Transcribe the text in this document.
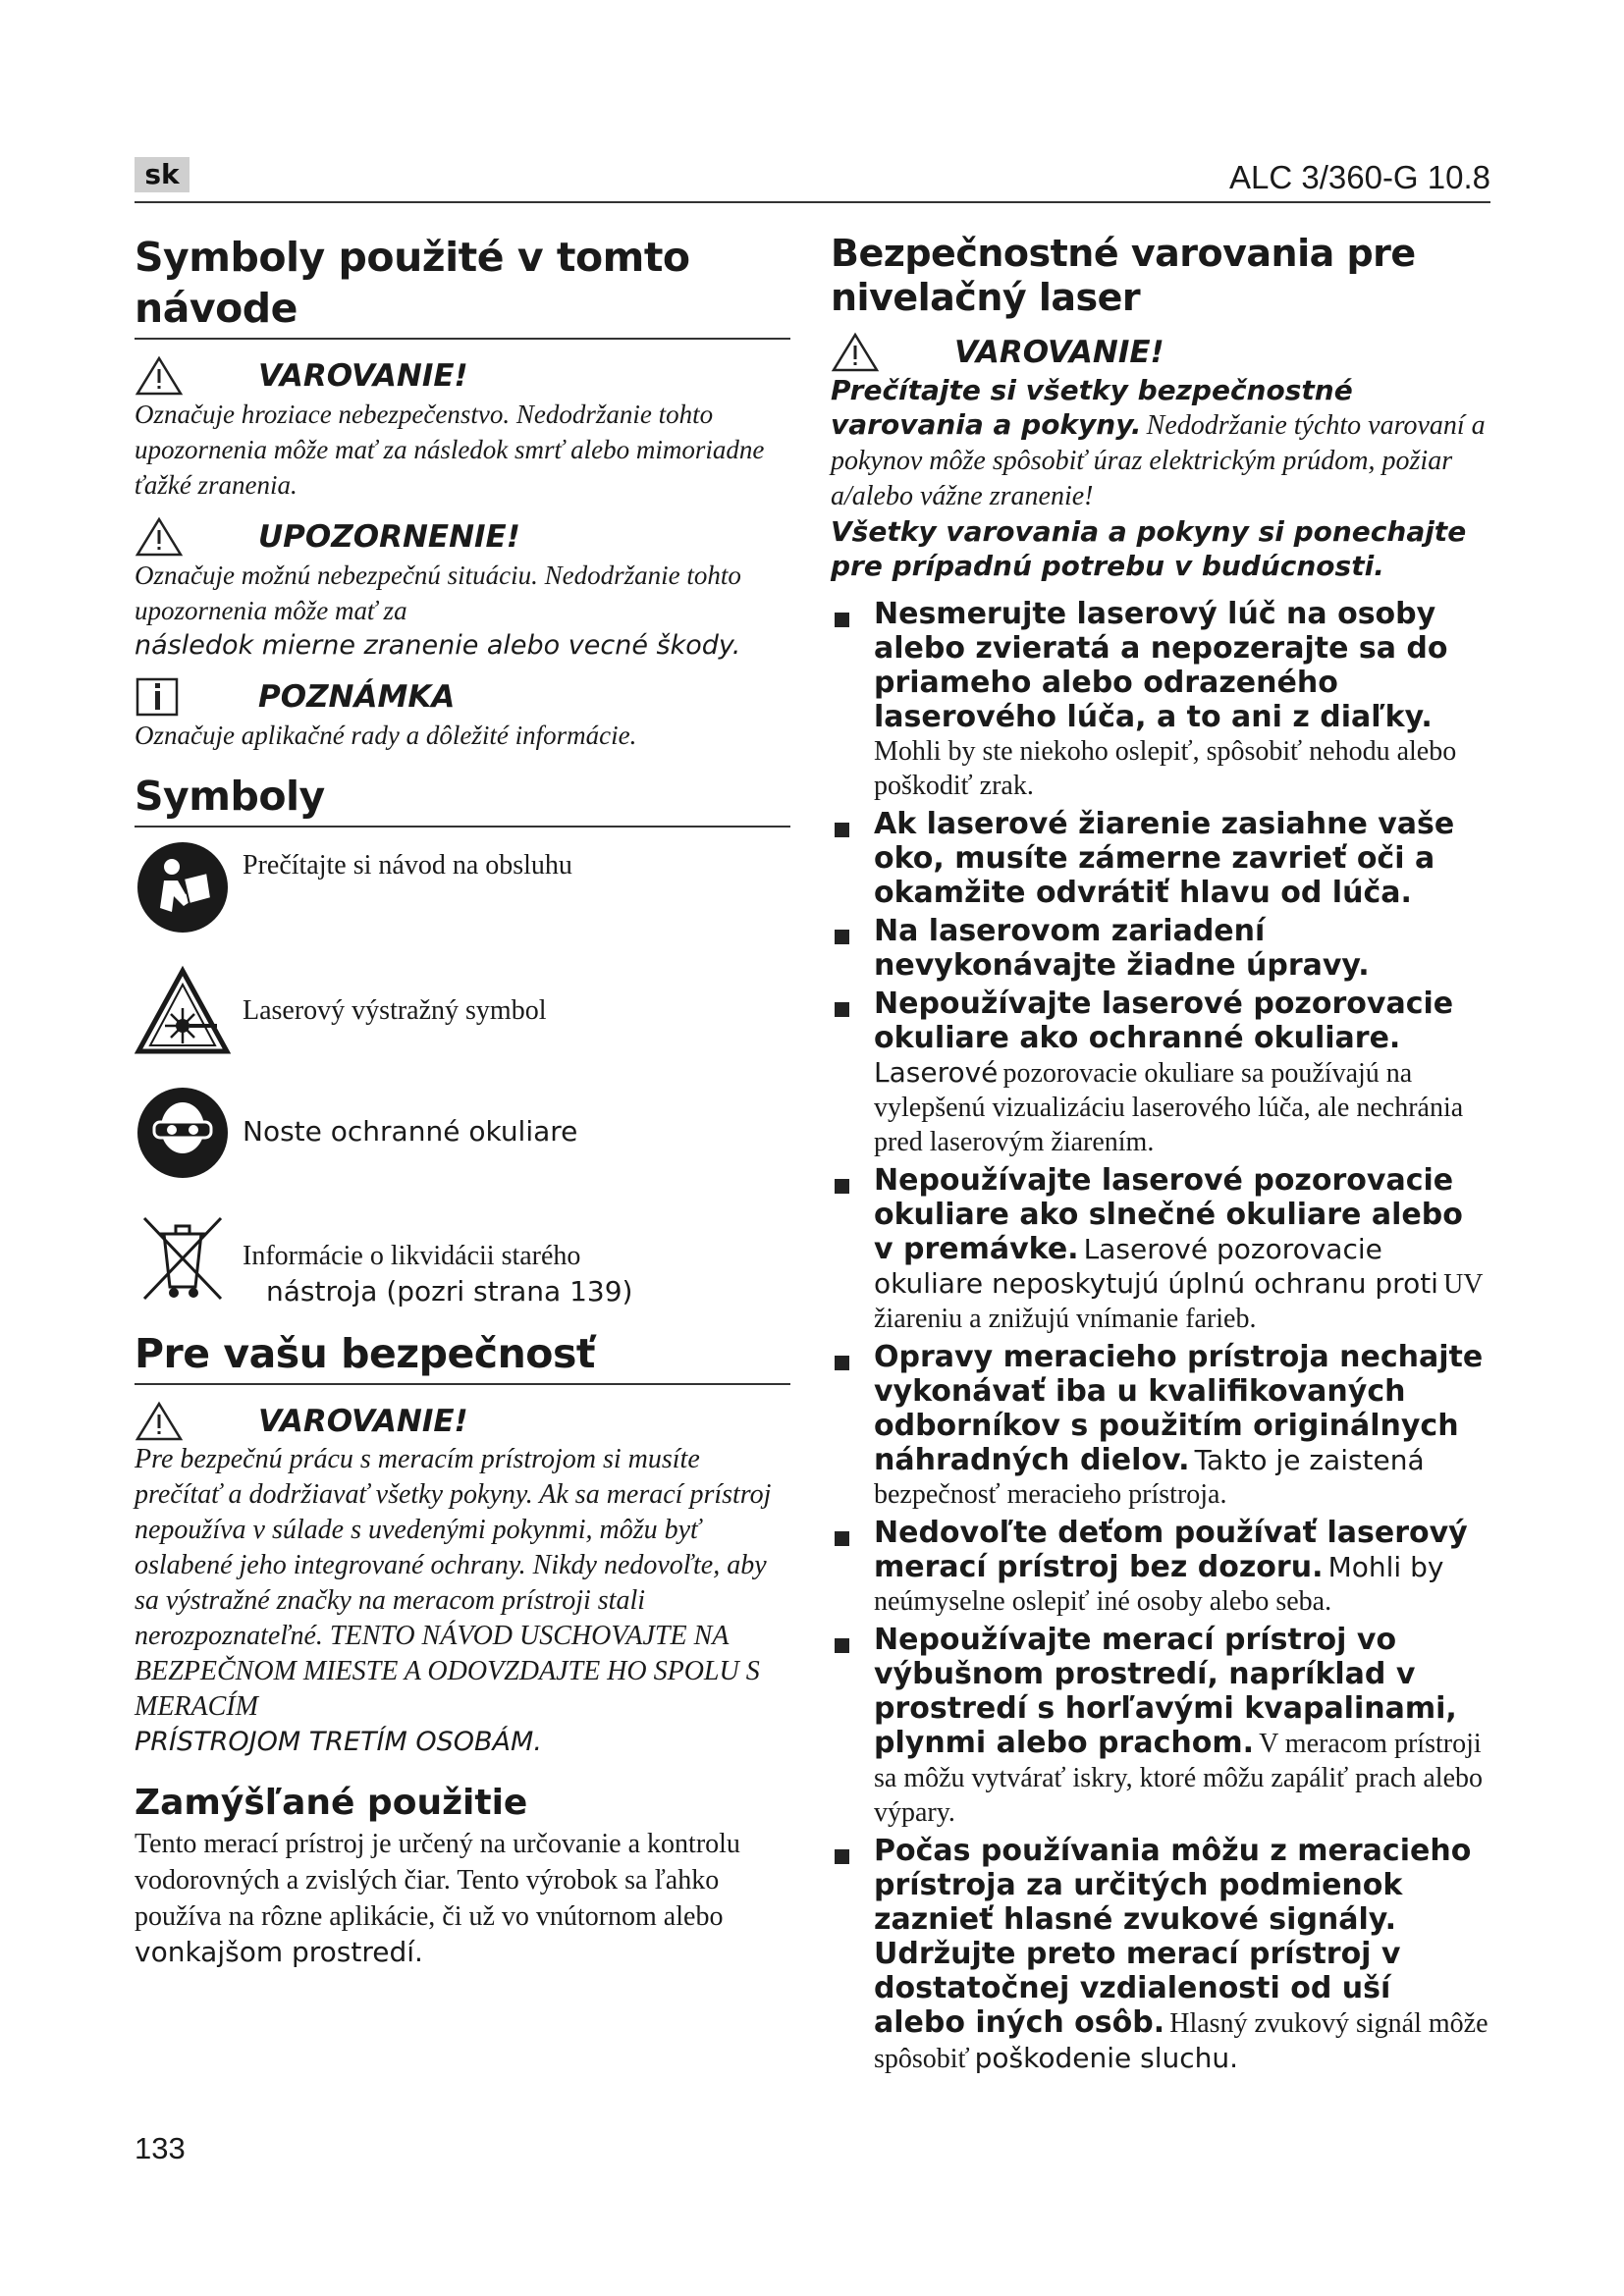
sk	ALC 3/360-G 10.8
Symboly použité v tomto návode
VAROVANIE!
Označuje hroziace nebezpečenstvo. Nedodržanie tohto upozornenia môže mať za následok smrť alebo mimoriadne ťažké zranenia.
UPOZORNENIE!
Označuje možnú nebezpečnú situáciu. Nedodržanie tohto upozornenia môže mať za
následok mierne zranenie alebo vecné škody.
POZNÁMKA
Označuje aplikačné rady a dôležité informácie.
Symboly
Prečítajte si návod na obsluhu
Laserový výstražný symbol
Noste ochranné okuliare
Informácie o likvidácii starého
nástroja (pozri strana 139)
Pre vašu bezpečnosť
VAROVANIE!
Pre bezpečnú prácu s meracím prístrojom si musíte prečítať a dodržiavať všetky pokyny. Ak sa merací prístroj nepoužíva v súlade s uvedenými pokynmi, môžu byť oslabené jeho integrované ochrany. Nikdy nedovoľte, aby sa výstražné značky na meracom prístroji stali nerozpoznateľné. TENTO NÁVOD USCHOVAJTE NA BEZPEČNOM MIESTE A ODOVZDAJTE HO SPOLU S MERACÍM
PRÍSTROJOM TRETÍM OSOBÁM.
Zamýšľané použitie
Tento merací prístroj je určený na určovanie a kontrolu vodorovných a zvislých čiar. Tento výrobok sa ľahko používa na rôzne aplikácie, či už vo vnútornom alebo
vonkajšom prostredí.
Bezpečnostné varovania pre nivelačný laser
VAROVANIE!
Prečítajte si všetky bezpečnostné varovania a pokyny. Nedodržanie týchto varovaní a pokynov môže spôsobiť úraz elektrickým prúdom, požiar a/alebo vážne zranenie!
Všetky varovania a pokyny si ponechajte pre prípadnú potrebu v budúcnosti.
Nesmerujte laserový lúč na osoby alebo zvieratá a nepozerajte sa do priameho alebo odrazeného laserového lúča, a to ani z diaľky. Mohli by ste niekoho oslepiť, spôsobiť nehodu alebo poškodiť zrak.
Ak laserové žiarenie zasiahne vaše oko, musíte zámerne zavrieť oči a okamžite odvrátiť hlavu od lúča.
Na laserovom zariadení nevykonávajte žiadne úpravy.
Nepoužívajte laserové pozorovacie okuliare ako ochranné okuliare. Laserové pozorovacie okuliare sa používajú na vylepšenú vizualizáciu laserového lúča, ale nechránia pred laserovým žiarením.
Nepoužívajte laserové pozorovacie okuliare ako slnečné okuliare alebo v premávke. Laserové pozorovacie okuliare neposkytujú úplnú ochranu proti UV žiareniu a znižujú vnímanie farieb.
Opravy meracieho prístroja nechajte vykonávať iba u kvalifikovaných odborníkov s použitím originálnych náhradných dielov. Takto je zaistená bezpečnosť meracieho prístroja.
Nedovoľte deťom používať laserový merací prístroj bez dozoru. Mohli by neúmyselne oslepiť iné osoby alebo seba.
Nepoužívajte merací prístroj vo výbušnom prostredí, napríklad v prostredí s horľavými kvapalinami, plynmi alebo prachom. V meracom prístroji sa môžu vytvárať iskry, ktoré môžu zapáliť prach alebo výpary.
Počas používania môžu z meracieho prístroja za určitých podmienok zaznieť hlasné zvukové signály. Udržujte preto merací prístroj v dostatočnej vzdialenosti od uší alebo iných osôb. Hlasný zvukový signál môže spôsobiť poškodenie sluchu.
133
